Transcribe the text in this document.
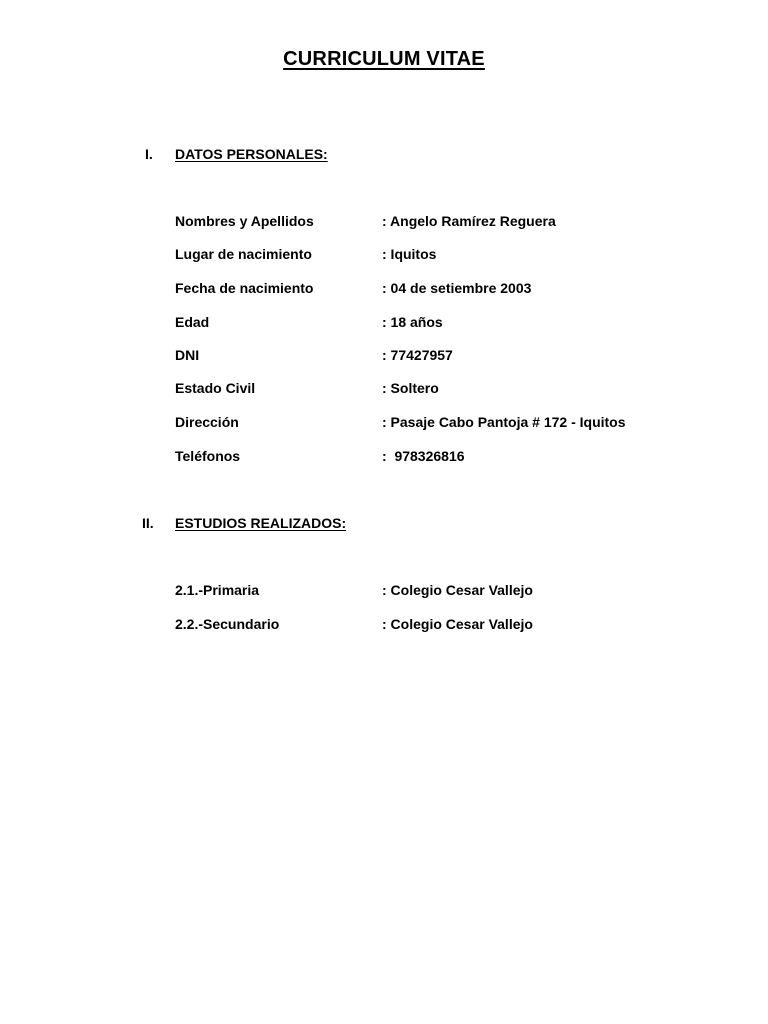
CURRICULUM VITAE
I. DATOS PERSONALES:
Nombres y Apellidos	: Angelo Ramírez Reguera
Lugar de nacimiento	: Iquitos
Fecha de nacimiento	: 04 de setiembre 2003
Edad	: 18 años
DNI	: 77427957
Estado Civil	: Soltero
Dirección	: Pasaje Cabo Pantoja # 172 - Iquitos
Teléfonos	:  978326816
II. ESTUDIOS REALIZADOS:
2.1.-Primaria	: Colegio Cesar Vallejo
2.2.-Secundario	: Colegio Cesar Vallejo
